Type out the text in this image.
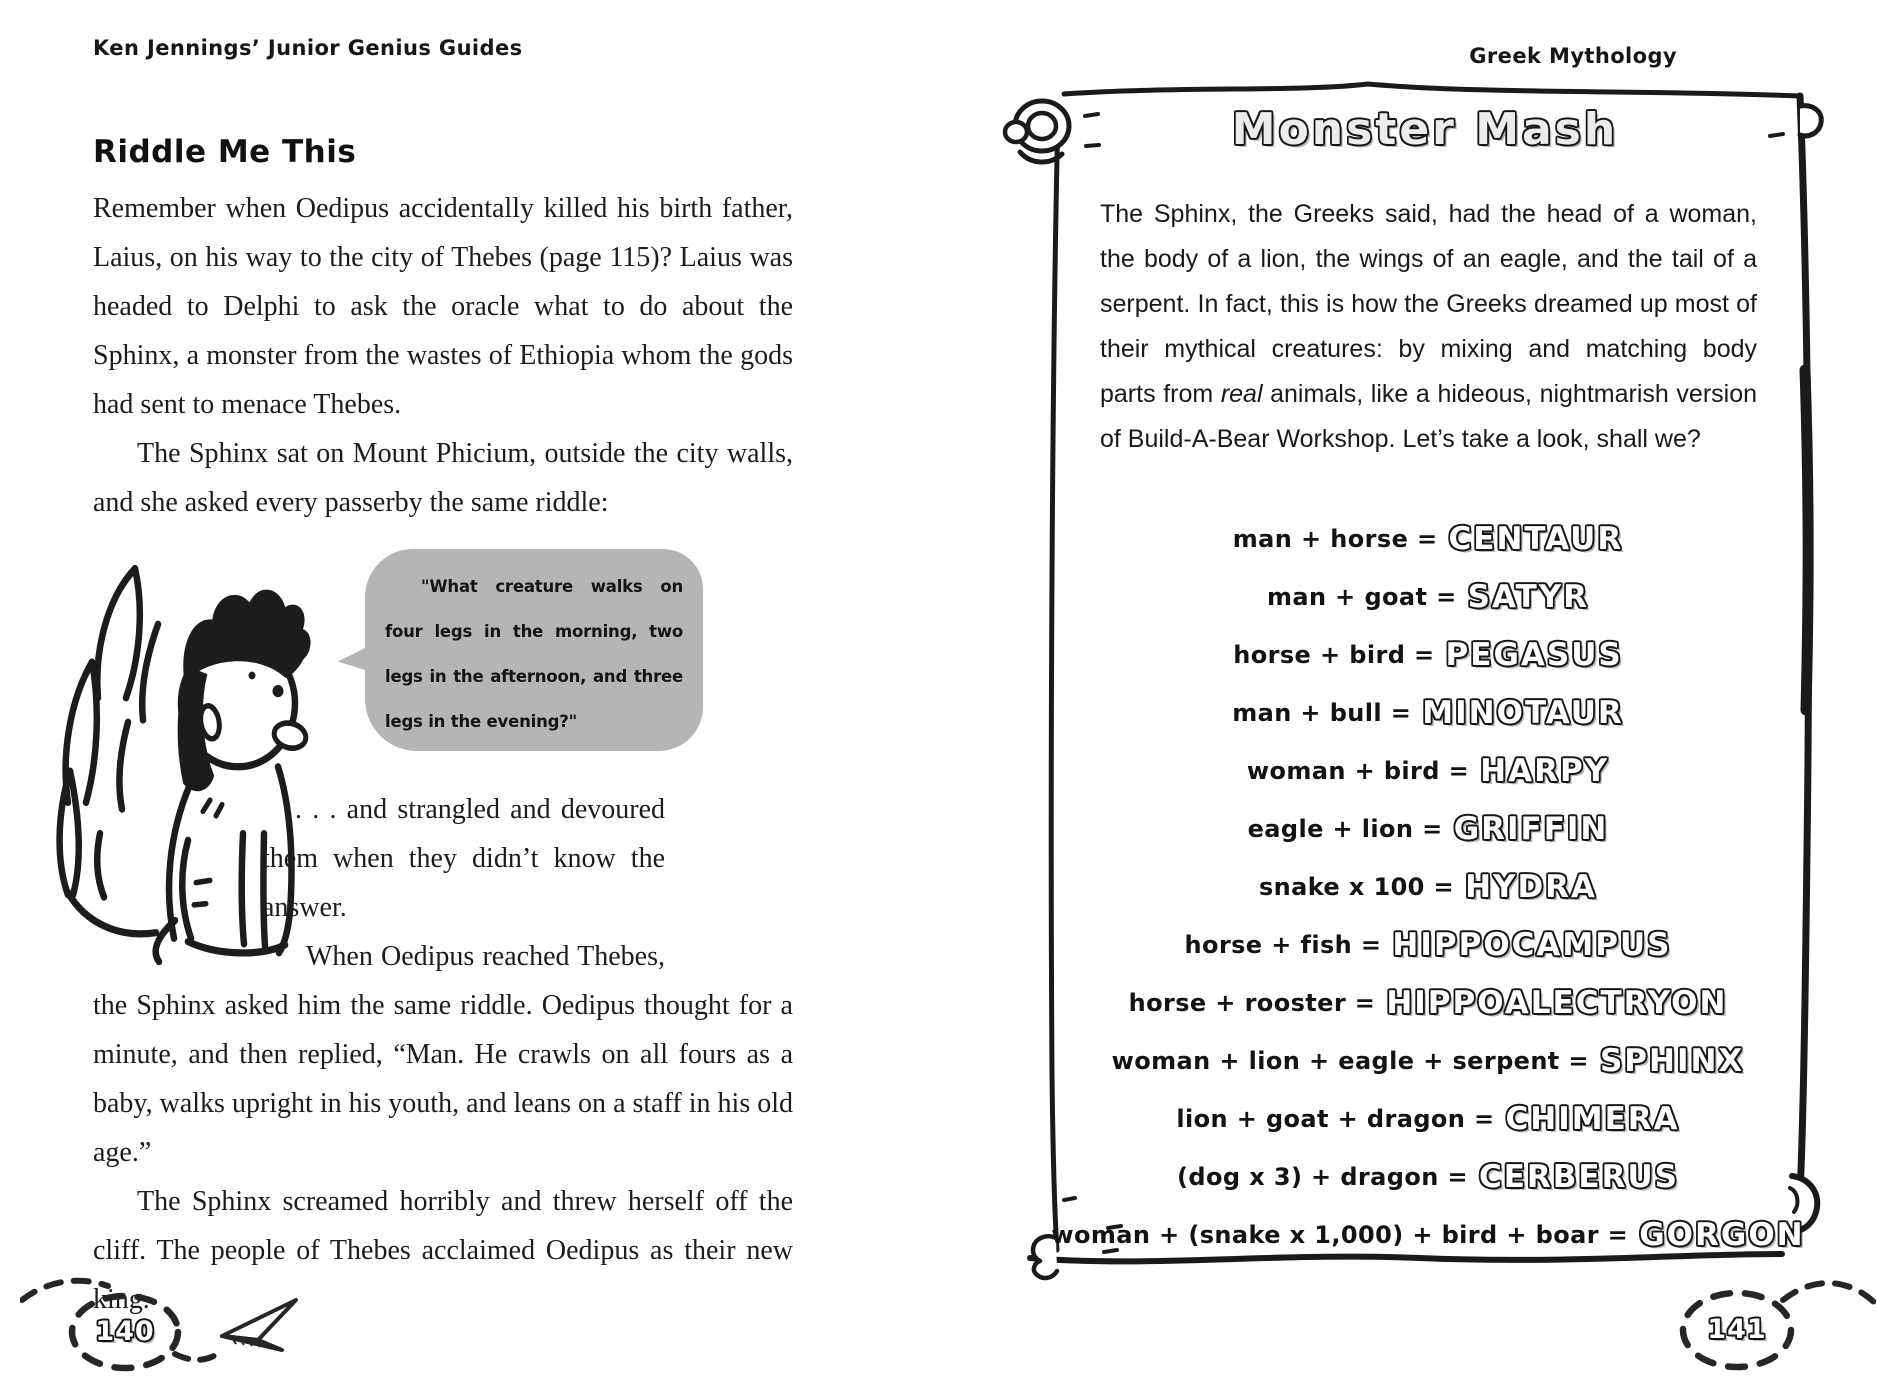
Ken Jennings’ Junior Genius Guides
Riddle Me This

Remember when Oedipus accidentally killed his birth father, Laius, on his way to the city of Thebes (page 115)? Laius was headed to Delphi to ask the oracle what to do about the Sphinx, a monster from the wastes of Ethiopia whom the gods had sent to menace Thebes.

The Sphinx sat on Mount Phicium, outside the city walls, and she asked every passerby the same riddle:

"What creature walks on four legs in the morning, two legs in the afternoon, and three legs in the evening?"

. . . and strangled and devoured them when they didn’t know the answer.

When Oedipus reached Thebes, the Sphinx asked him the same riddle. Oedipus thought for a minute, and then replied, “Man. He crawls on all fours as a baby, walks upright in his youth, and leans on a staff in his old age.”

The Sphinx screamed horribly and threw herself off the cliff. The people of Thebes acclaimed Oedipus as their new king.

140
Greek Mythology
Monster Mash

The Sphinx, the Greeks said, had the head of a woman, the body of a lion, the wings of an eagle, and the tail of a serpent. In fact, this is how the Greeks dreamed up most of their mythical creatures: by mixing and matching body parts from real animals, like a hideous, nightmarish version of Build-A-Bear Workshop. Let’s take a look, shall we?

man + horse = CENTAUR
man + goat = SATYR
horse + bird = PEGASUS
man + bull = MINOTAUR
woman + bird = HARPY
eagle + lion = GRIFFIN
snake x 100 = HYDRA
horse + fish = HIPPOCAMPUS
horse + rooster = HIPPOALECTRYON
woman + lion + eagle + serpent = SPHINX
lion + goat + dragon = CHIMERA
(dog x 3) + dragon = CERBERUS
woman + (snake x 1,000) + bird + boar = GORGON
141
